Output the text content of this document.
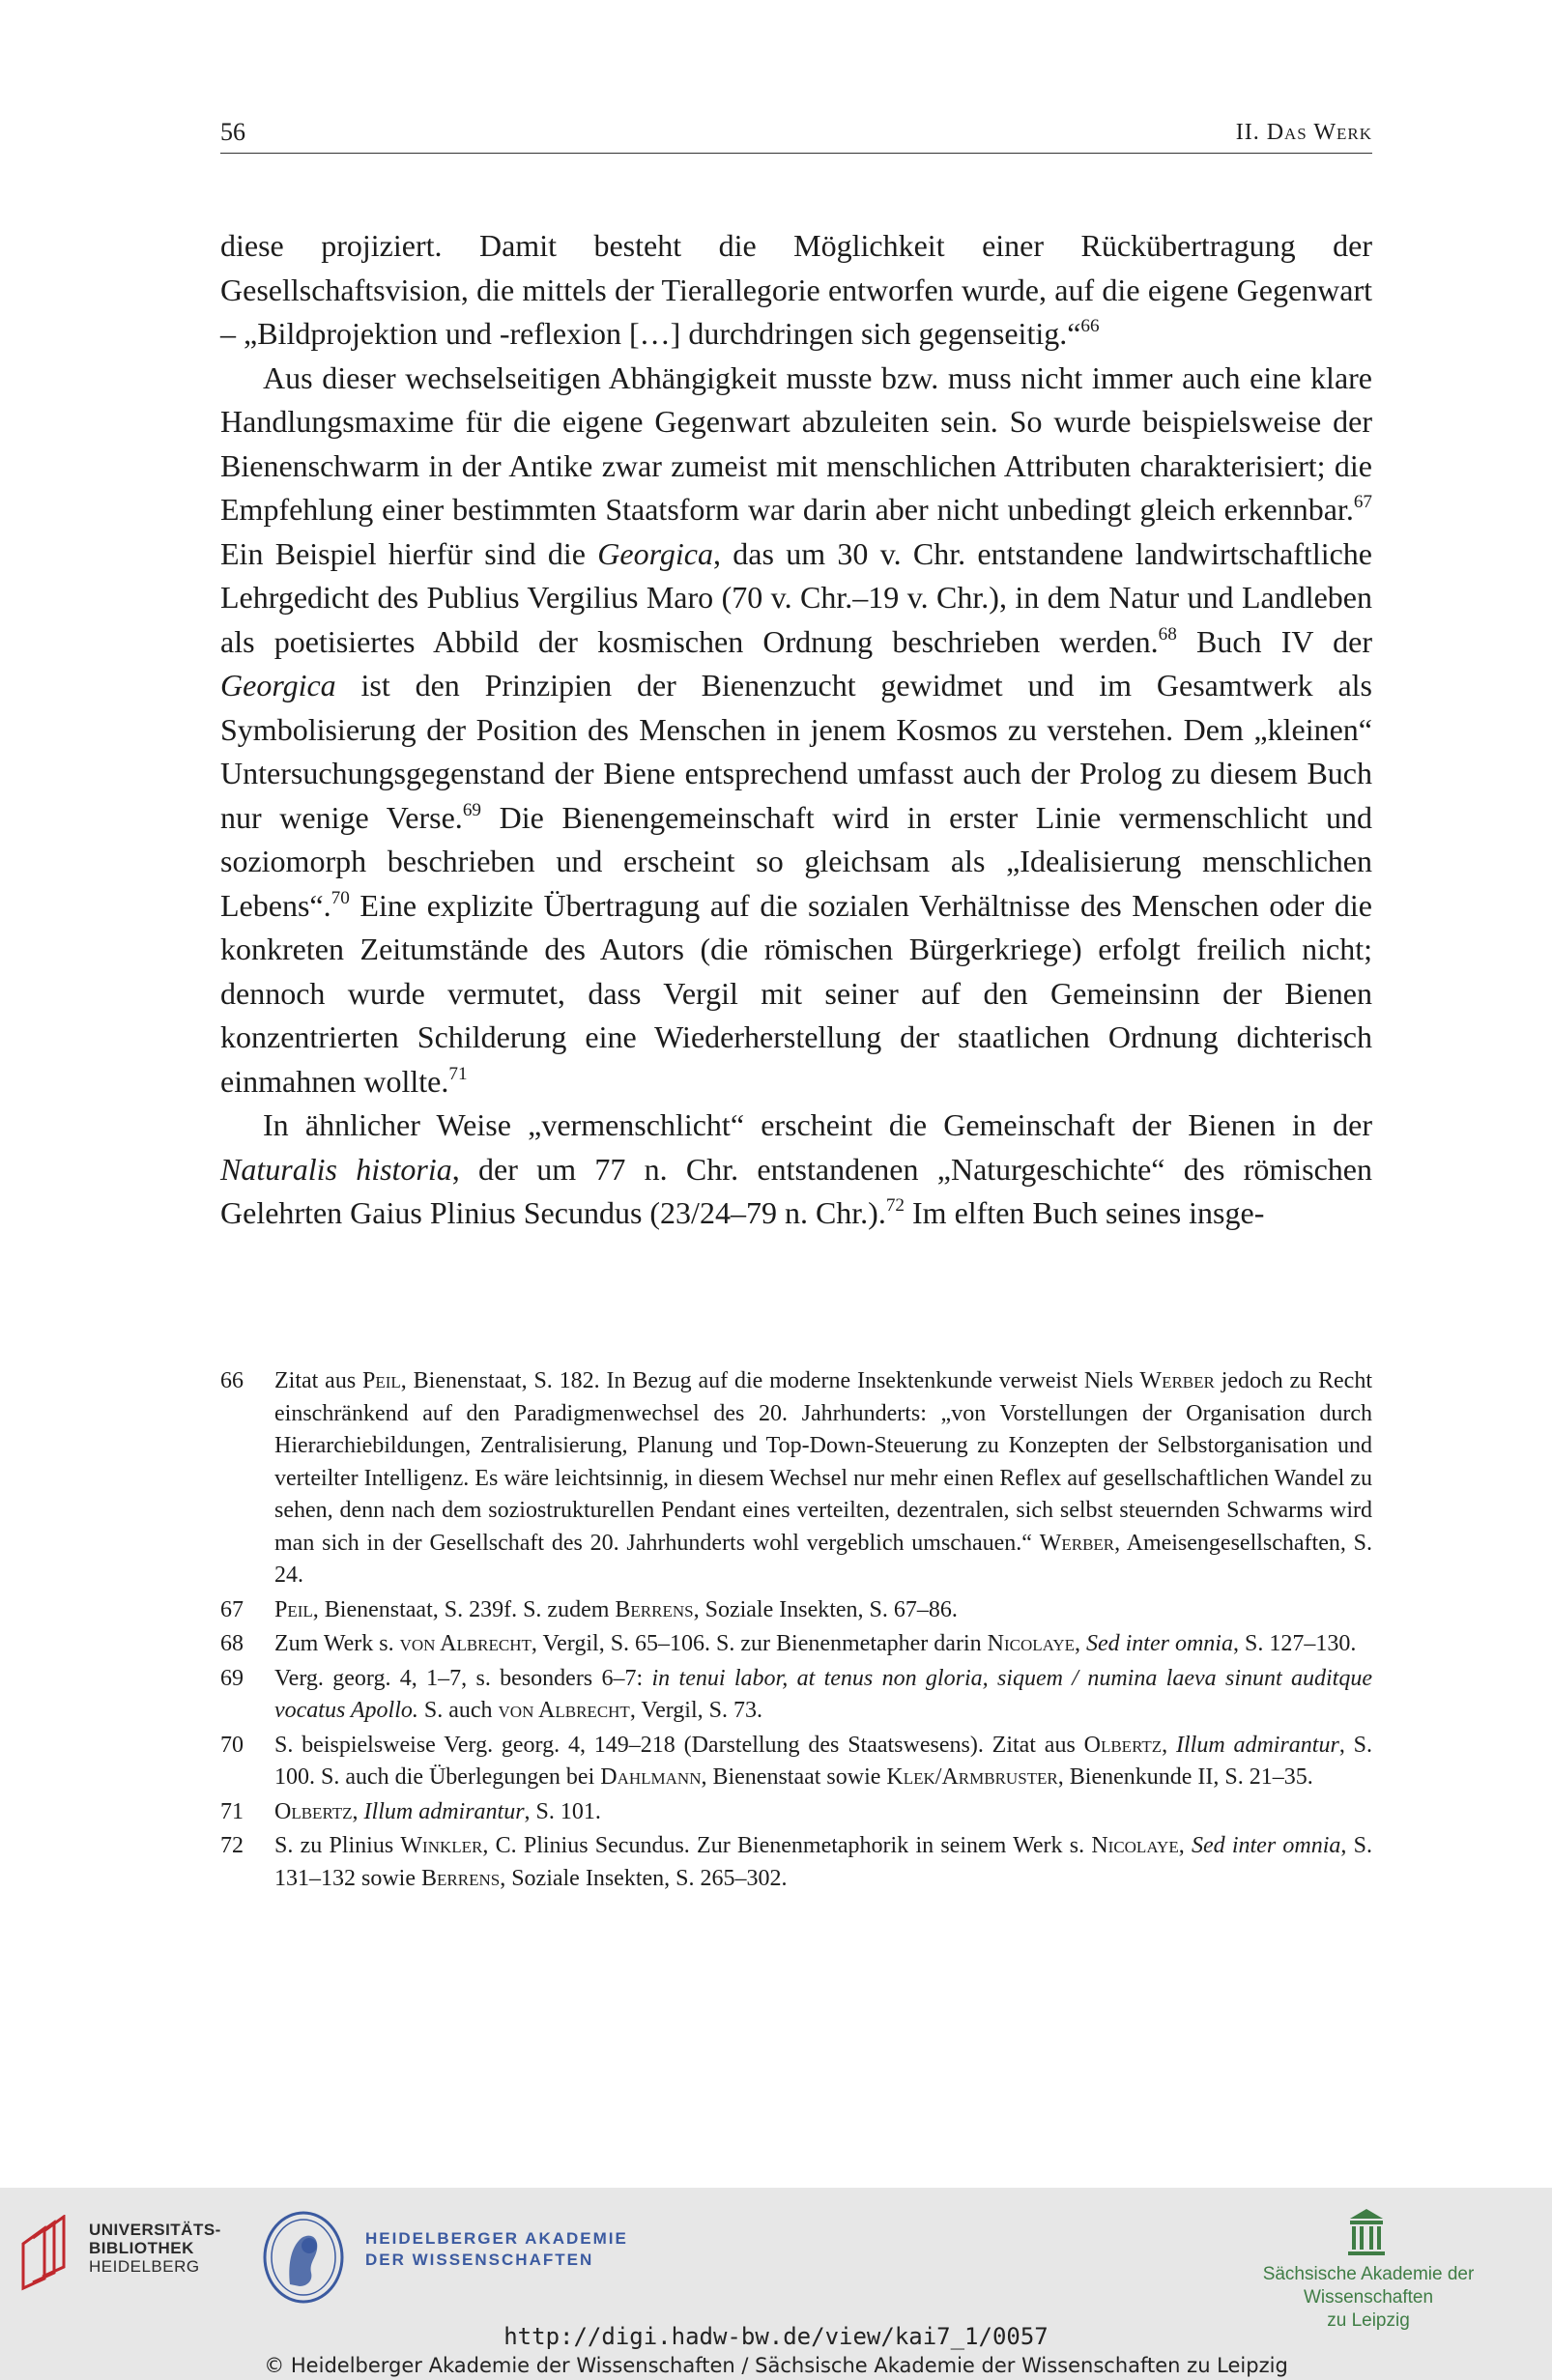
56	II. Das Werk

diese projiziert. Damit besteht die Möglichkeit einer Rückübertragung der Gesellschaftsvision, die mittels der Tierallegorie entworfen wurde, auf die eigene Gegenwart – „Bildprojektion und -reflexion […] durchdringen sich gegenseitig.“$^{66}$

Aus dieser wechselseitigen Abhängigkeit musste bzw. muss nicht immer auch eine klare Handlungsmaxime für die eigene Gegenwart abzuleiten sein. So wurde beispielsweise der Bienenschwarm in der Antike zwar zumeist mit menschlichen Attributen charakterisiert; die Empfehlung einer bestimmten Staatsform war darin aber nicht unbedingt gleich erkennbar.$^{67}$ Ein Beispiel hierfür sind die Georgica, das um 30 v. Chr. entstandene landwirtschaftliche Lehrgedicht des Publius Vergilius Maro (70 v. Chr.–19 v. Chr.), in dem Natur und Landleben als poetisiertes Abbild der kosmischen Ordnung beschrieben werden.$^{68}$ Buch IV der Georgica ist den Prinzipien der Bienenzucht gewidmet und im Gesamtwerk als Symbolisierung der Position des Menschen in jenem Kosmos zu verstehen. Dem „kleinen“ Untersuchungsgegenstand der Biene entsprechend umfasst auch der Prolog zu diesem Buch nur wenige Verse.$^{69}$ Die Bienengemeinschaft wird in erster Linie vermenschlicht und soziomorph beschrieben und erscheint so gleichsam als „Idealisierung menschlichen Lebens“.$^{70}$ Eine explizite Übertragung auf die sozialen Verhältnisse des Menschen oder die konkreten Zeitumstände des Autors (die römischen Bürgerkriege) erfolgt freilich nicht; dennoch wurde vermutet, dass Vergil mit seiner auf den Gemeinsinn der Bienen konzentrierten Schilderung eine Wiederherstellung der staatlichen Ordnung dichterisch einmahnen wollte.$^{71}$

In ähnlicher Weise „vermenschlicht“ erscheint die Gemeinschaft der Bienen in der Naturalis historia, der um 77 n. Chr. entstandenen „Naturgeschichte“ des römischen Gelehrten Gaius Plinius Secundus (23/24–79 n. Chr.).$^{72}$ Im elften Buch seines insge-

66 Zitat aus Peil, Bienenstaat, S. 182. In Bezug auf die moderne Insektenkunde verweist Niels Werber jedoch zu Recht einschränkend auf den Paradigmenwechsel des 20. Jahrhunderts: „von Vorstellungen der Organisation durch Hierarchiebildungen, Zentralisierung, Planung und Top-Down-Steuerung zu Konzepten der Selbstorganisation und verteilter Intelligenz. Es wäre leichtsinnig, in diesem Wechsel nur mehr einen Reflex auf gesellschaftlichen Wandel zu sehen, denn nach dem soziostrukturellen Pendant eines verteilten, dezentralen, sich selbst steuernden Schwarms wird man sich in der Gesellschaft des 20. Jahrhunderts wohl vergeblich umschauen.“ Werber, Ameisengesellschaften, S. 24.
67 Peil, Bienenstaat, S. 239f. S. zudem Berrens, Soziale Insekten, S. 67–86.
68 Zum Werk s. von Albrecht, Vergil, S. 65–106. S. zur Bienenmetapher darin Nicolaye, Sed inter omnia, S. 127–130.
69 Verg. georg. 4, 1–7, s. besonders 6–7: in tenui labor, at tenus non gloria, siquem / numina laeva sinunt auditque vocatus Apollo. S. auch von Albrecht, Vergil, S. 73.
70 S. beispielsweise Verg. georg. 4, 149–218 (Darstellung des Staatswesens). Zitat aus Olbertz, Illum admirantur, S. 100. S. auch die Überlegungen bei Dahlmann, Bienenstaat sowie Klek/Armbruster, Bienenkunde II, S. 21–35.
71 Olbertz, Illum admirantur, S. 101.
72 S. zu Plinius Winkler, C. Plinius Secundus. Zur Bienenmetaphorik in seinem Werk s. Nicolaye, Sed inter omnia, S. 131–132 sowie Berrens, Soziale Insekten, S. 265–302.
UNIVERSITÄTS-
BIBLIOTHEK
HEIDELBERG
HEIDELBERGER AKADEMIE
DER WISSENSCHAFTEN
Sächsische Akademie der Wissenschaften
zu Leipzig
http://digi.hadw-bw.de/view/kai7_1/0057
© Heidelberger Akademie der Wissenschaften / Sächsische Akademie der Wissenschaften zu Leipzig
